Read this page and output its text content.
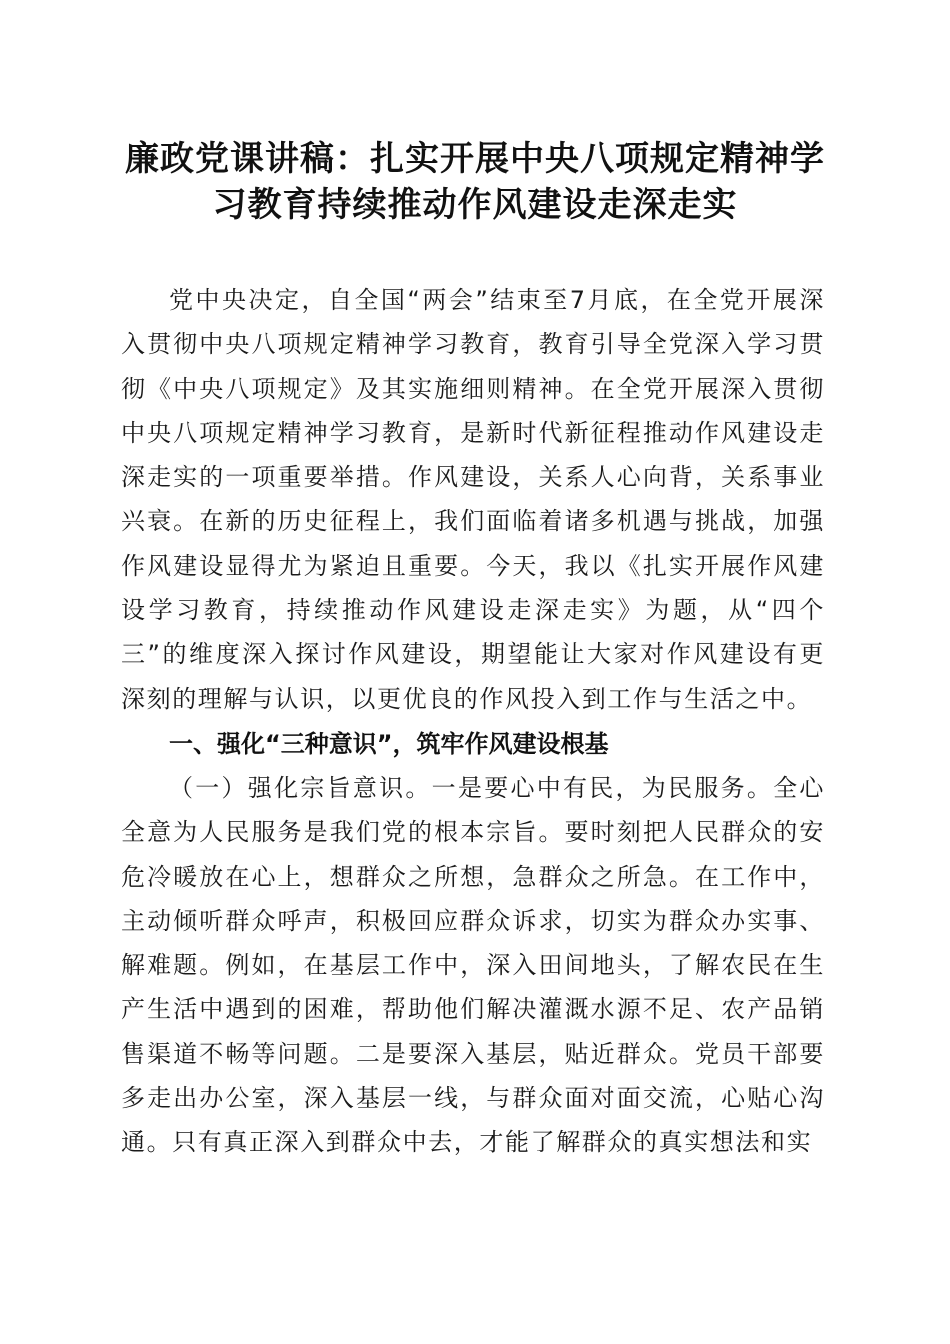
廉政党课讲稿：扎实开展中央八项规定精神学
习教育持续推动作风建设走深走实
党中央决定，自全国“两会”结束至7月底，在全党开展深入贯彻中央八项规定精神学习教育，教育引导全党深入学习贯彻《中央八项规定》及其实施细则精神。在全党开展深入贯彻中央八项规定精神学习教育，是新时代新征程推动作风建设走深走实的一项重要举措。作风建设，关系人心向背，关系事业兴衰。在新的历史征程上，我们面临着诸多机遇与挑战，加强作风建设显得尤为紧迫且重要。今天，我以《扎实开展作风建设学习教育，持续推动作风建设走深走实》为题，从“四个三”的维度深入探讨作风建设，期望能让大家对作风建设有更深刻的理解与认识，以更优良的作风投入到工作与生活之中。
一、强化“三种意识”，筑牢作风建设根基
（一）强化宗旨意识。一是要心中有民，为民服务。全心全意为人民服务是我们党的根本宗旨。要时刻把人民群众的安危冷暖放在心上，想群众之所想，急群众之所急。在工作中，主动倾听群众呼声，积极回应群众诉求，切实为群众办实事、解难题。例如，在基层工作中，深入田间地头，了解农民在生产生活中遇到的困难，帮助他们解决灌溉水源不足、农产品销售渠道不畅等问题。二是要深入基层，贴近群众。党员干部要多走出办公室，深入基层一线，与群众面对面交流，心贴心沟通。只有真正深入到群众中去，才能了解群众的真实想法和实
